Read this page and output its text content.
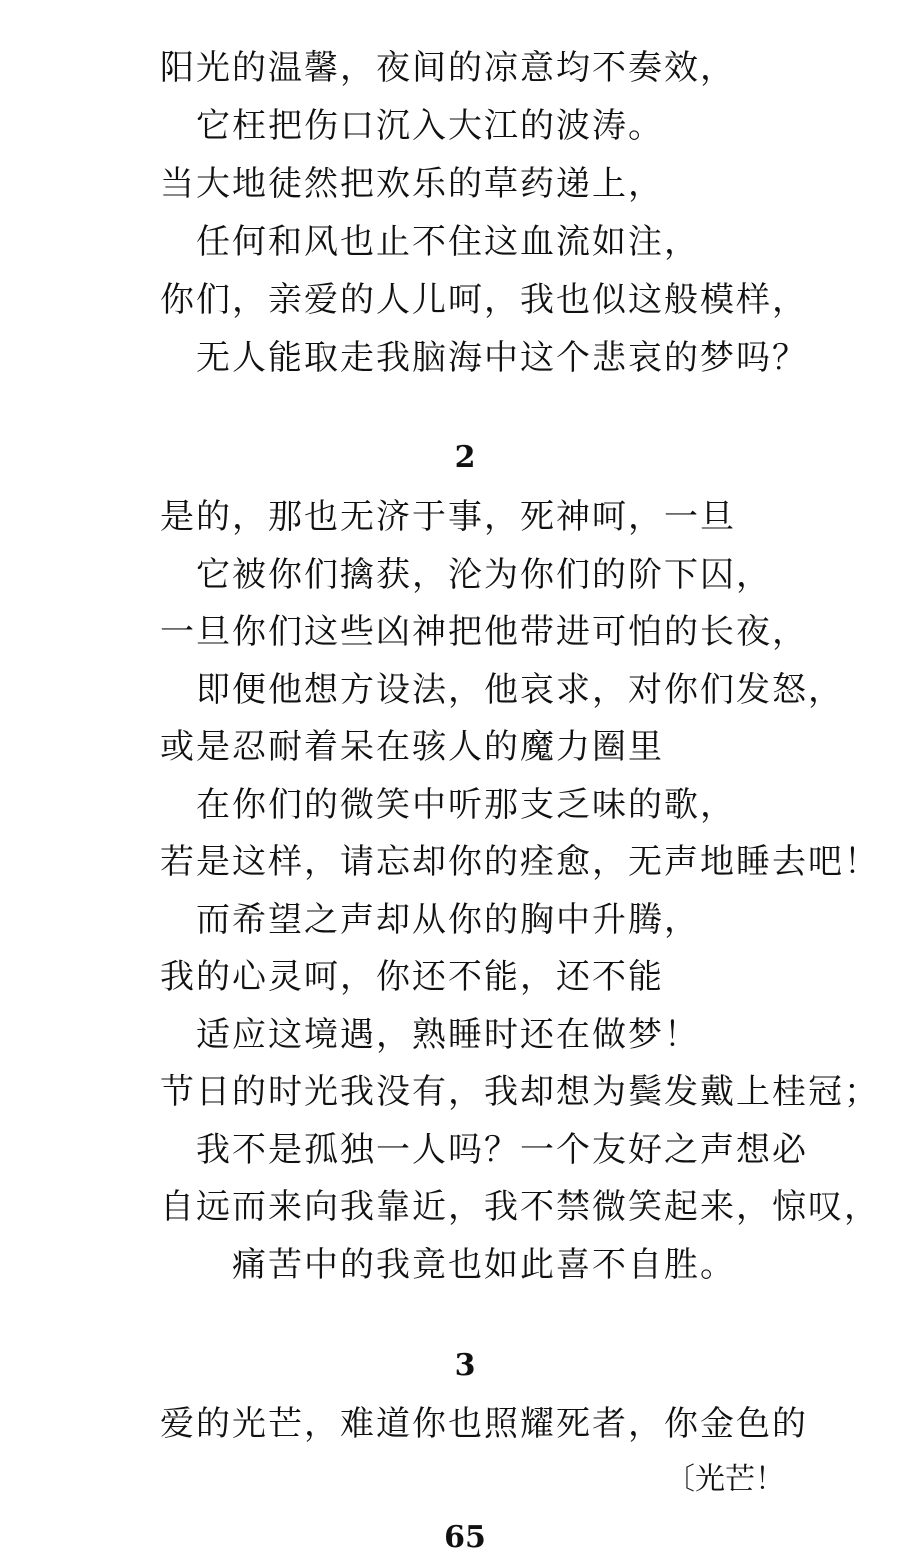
阳光的温馨，夜间的凉意均不奏效，
它枉把伤口沉入大江的波涛。
当大地徒然把欢乐的草药递上，
任何和风也止不住这血流如注，
你们，亲爱的人儿呵，我也似这般模样，
无人能取走我脑海中这个悲哀的梦吗？
2
是的，那也无济于事，死神呵，一旦
它被你们擒获，沦为你们的阶下囚，
一旦你们这些凶神把他带进可怕的长夜，
即便他想方设法，他哀求，对你们发怒，
或是忍耐着呆在骇人的魔力圈里
在你们的微笑中听那支乏味的歌，
若是这样，请忘却你的痊愈，无声地睡去吧！
而希望之声却从你的胸中升腾，
我的心灵呵，你还不能，还不能
适应这境遇，熟睡时还在做梦！
节日的时光我没有，我却想为鬓发戴上桂冠；
我不是孤独一人吗？一个友好之声想必
自远而来向我靠近，我不禁微笑起来，惊叹，
痛苦中的我竟也如此喜不自胜。
3
爱的光芒，难道你也照耀死者，你金色的
〔光芒！
65
